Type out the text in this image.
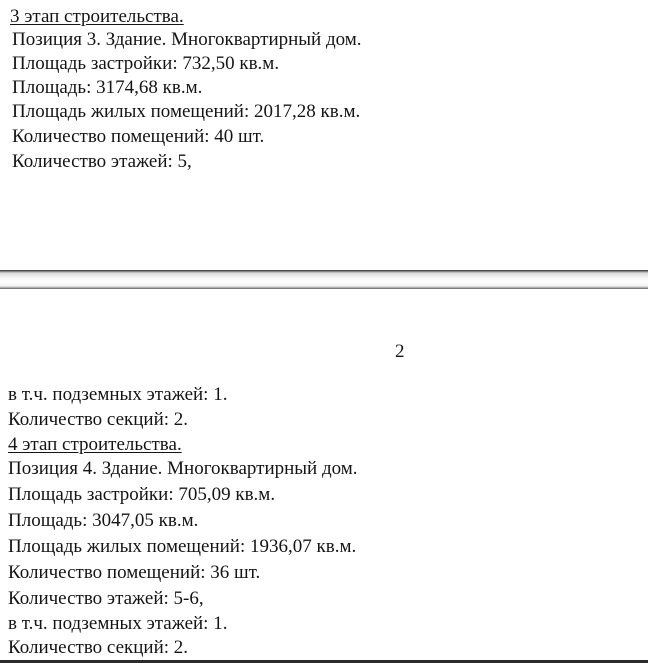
3 этап строительства.
Позиция 3. Здание. Многоквартирный дом.
Площадь застройки: 732,50 кв.м.
Площадь: 3174,68 кв.м.
Площадь жилых помещений: 2017,28 кв.м.
Количество помещений: 40 шт.
Количество этажей: 5,
2
в т.ч. подземных этажей: 1.
Количество секций: 2.
4 этап строительства.
Позиция 4. Здание. Многоквартирный дом.
Площадь застройки: 705,09 кв.м.
Площадь: 3047,05 кв.м.
Площадь жилых помещений: 1936,07 кв.м.
Количество помещений: 36 шт.
Количество этажей: 5-6,
в т.ч. подземных этажей: 1.
Количество секций: 2.
